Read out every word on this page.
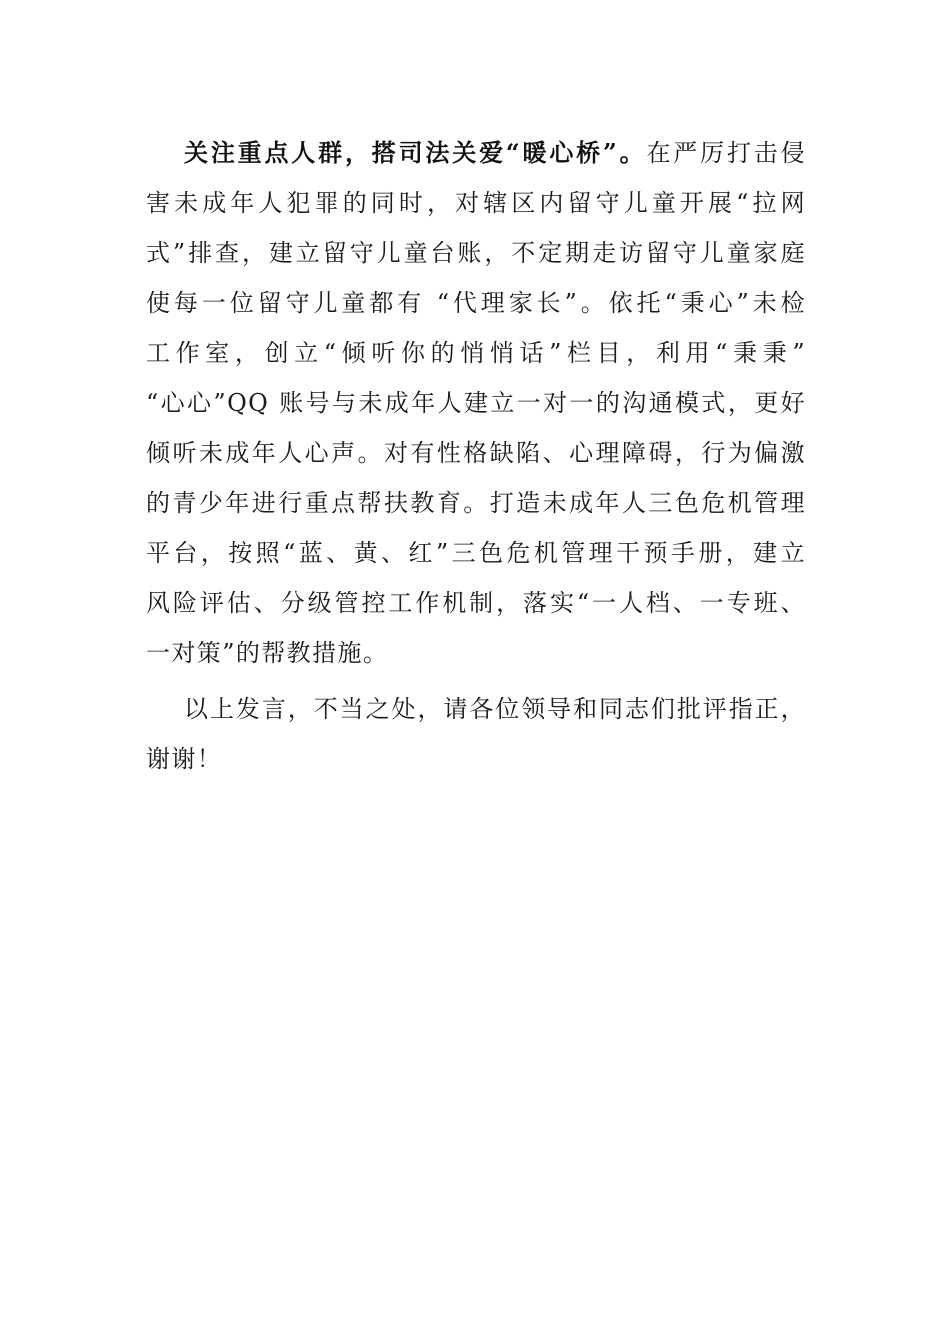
关注重点人群，搭司法关爱“暖心桥”。在严厉打击侵
害未成年人犯罪的同时，对辖区内留守儿童开展“拉网
式”排查，建立留守儿童台账，不定期走访留守儿童家庭
使每一位留守儿童都有 “代理家长”。依托“秉心”未检
工作室，创立“倾听你的悄悄话”栏目，利用“秉秉”
“心心”QQ 账号与未成年人建立一对一的沟通模式，更好
倾听未成年人心声。对有性格缺陷、心理障碍，行为偏激
的青少年进行重点帮扶教育。打造未成年人三色危机管理
平台，按照“蓝、黄、红”三色危机管理干预手册，建立
风险评估、分级管控工作机制，落实“一人档、一专班、
一对策”的帮教措施。

以上发言，不当之处，请各位领导和同志们批评指正，
谢谢！
